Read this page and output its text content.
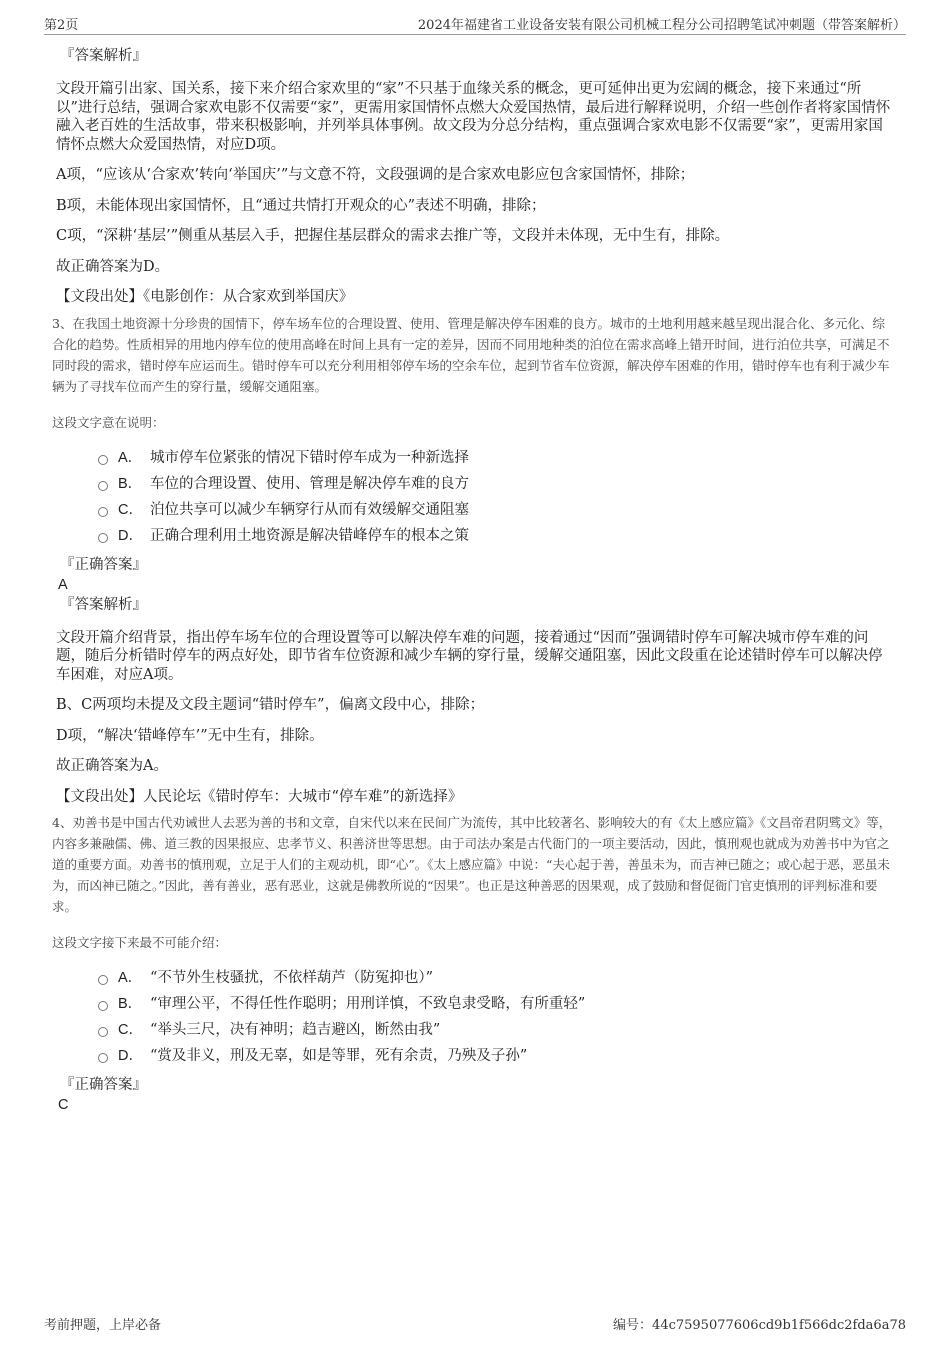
第2页	2024年福建省工业设备安装有限公司机械工程分公司招聘笔试冲刺题（带答案解析）
『答案解析』

文段开篇引出家、国关系，接下来介绍合家欢里的“家”不只基于血缘关系的概念，更可延伸出更为宏阔的概念，接下来通过“所以”进行总结，强调合家欢电影不仅需要“家”，更需用家国情怀点燃大众爱国热情，最后进行解释说明，介绍一些创作者将家国情怀融入老百姓的生活故事，带来积极影响，并列举具体事例。故文段为分总分结构，重点强调合家欢电影不仅需要“家”，更需用家国情怀点燃大众爱国热情，对应D项。

A项，“应该从‘合家欢’转向‘举国庆’”与文意不符，文段强调的是合家欢电影应包含家国情怀，排除；

B项，未能体现出家国情怀，且“通过共情打开观众的心”表述不明确，排除；

C项，“深耕‘基层’”侧重从基层入手，把握住基层群众的需求去推广等，文段并未体现，无中生有，排除。

故正确答案为D。

【文段出处】《电影创作：从合家欢到举国庆》

3、在我国土地资源十分珍贵的国情下，停车场车位的合理设置、使用、管理是解决停车困难的良方。城市的土地利用越来越呈现出混合化、多元化、综合化的趋势。性质相异的用地内停车位的使用高峰在时间上具有一定的差异，因而不同用地种类的泊位在需求高峰上错开时间，进行泊位共享，可满足不同时段的需求，错时停车应运而生。错时停车可以充分利用相邻停车场的空余车位，起到节省车位资源，解决停车困难的作用，错时停车也有利于减少车辆为了寻找车位而产生的穿行量，缓解交通阻塞。

这段文字意在说明：

A． 城市停车位紧张的情况下错时停车成为一种新选择
B． 车位的合理设置、使用、管理是解决停车难的良方
C． 泊位共享可以减少车辆穿行从而有效缓解交通阻塞
D． 正确合理利用土地资源是解决错峰停车的根本之策
『正确答案』
A
『答案解析』

文段开篇介绍背景，指出停车场车位的合理设置等可以解决停车难的问题，接着通过“因而”强调错时停车可解决城市停车难的问题，随后分析错时停车的两点好处，即节省车位资源和减少车辆的穿行量，缓解交通阻塞，因此文段重在论述错时停车可以解决停车困难，对应A项。

B、C两项均未提及文段主题词“错时停车”，偏离文段中心，排除；

D项，“解决‘错峰停车’”无中生有，排除。

故正确答案为A。

【文段出处】人民论坛《错时停车：大城市“停车难”的新选择》

4、劝善书是中国古代劝诫世人去恶为善的书和文章，自宋代以来在民间广为流传，其中比较著名、影响较大的有《太上感应篇》《文昌帝君阴骘文》等，内容多兼融儒、佛、道三教的因果报应、忠孝节义、积善济世等思想。由于司法办案是古代衙门的一项主要活动，因此，慎刑观也就成为劝善书中为官之道的重要方面。劝善书的慎刑观，立足于人们的主观动机，即“心”。《太上感应篇》中说：“夫心起于善，善虽未为，而吉神已随之；或心起于恶，恶虽未为，而凶神已随之。”因此，善有善业，恶有恶业，这就是佛教所说的“因果”。也正是这种善恶的因果观，成了鼓励和督促衙门官吏慎刑的评判标准和要求。

这段文字接下来最不可能介绍：

A． “不节外生枝骚扰，不依样葫芦（防冤抑也）”
B． “审理公平，不得任性作聪明；用刑详慎，不致皂隶受略，有所重轻”
C． “举头三尺，决有神明；趋吉避凶，断然由我”
D． “赏及非义，刑及无辜，如是等罪，死有余责，乃殃及子孙”
『正确答案』
C
考前押题，上岸必备	编号：44c7595077606cd9b1f566dc2fda6a78
